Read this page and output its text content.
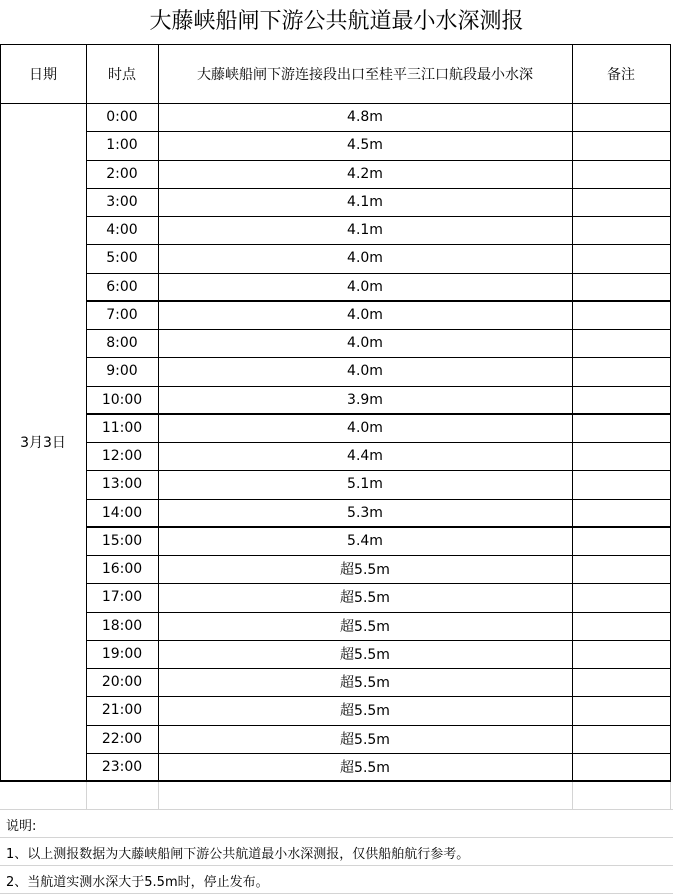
大藤峡船闸下游公共航道最小水深测报
日期	时点	大藤峡船闸下游连接段出口至桂平三江口航段最小水深	备注
3月3日
0:00	4.8m
1:00	4.5m
2:00	4.2m
3:00	4.1m
4:00	4.1m
5:00	4.0m
6:00	4.0m
7:00	4.0m
8:00	4.0m
9:00	4.0m
10:00	3.9m
11:00	4.0m
12:00	4.4m
13:00	5.1m
14:00	5.3m
15:00	5.4m
16:00	超5.5m
17:00	超5.5m
18:00	超5.5m
19:00	超5.5m
20:00	超5.5m
21:00	超5.5m
22:00	超5.5m
23:00	超5.5m
说明:
1、以上测报数据为大藤峡船闸下游公共航道最小水深测报，仅供船舶航行参考。
2、当航道实测水深大于5.5m时，停止发布。
